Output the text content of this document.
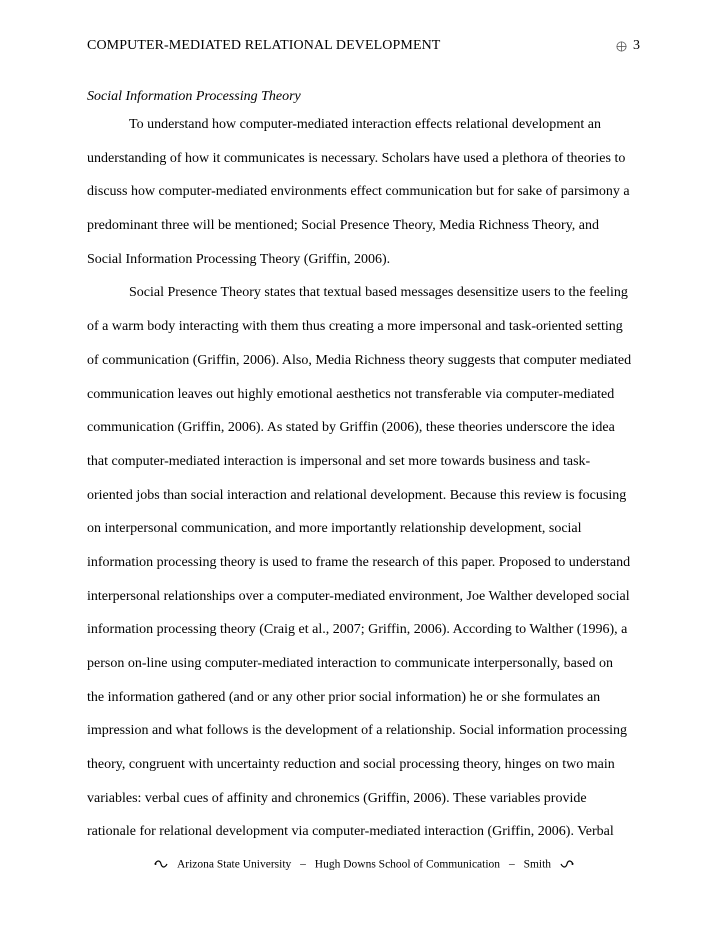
COMPUTER-MEDIATED RELATIONAL DEVELOPMENT	3
Social Information Processing Theory
To understand how computer-mediated interaction effects relational development an
understanding of how it communicates is necessary. Scholars have used a plethora of theories to
discuss how computer-mediated environments effect communication but for sake of parsimony a
predominant three will be mentioned; Social Presence Theory, Media Richness Theory, and
Social Information Processing Theory (Griffin, 2006).
Social Presence Theory states that textual based messages desensitize users to the feeling
of a warm body interacting with them thus creating a more impersonal and task-oriented setting
of communication (Griffin, 2006). Also, Media Richness theory suggests that computer mediated
communication leaves out highly emotional aesthetics not transferable via computer-mediated
communication (Griffin, 2006). As stated by Griffin (2006), these theories underscore the idea
that computer-mediated interaction is impersonal and set more towards business and task-
oriented jobs than social interaction and relational development. Because this review is focusing
on interpersonal communication, and more importantly relationship development, social
information processing theory is used to frame the research of this paper. Proposed to understand
interpersonal relationships over a computer-mediated environment, Joe Walther developed social
information processing theory (Craig et al., 2007; Griffin, 2006). According to Walther (1996), a
person on-line using computer-mediated interaction to communicate interpersonally, based on
the information gathered (and or any other prior social information) he or she formulates an
impression and what follows is the development of a relationship. Social information processing
theory, congruent with uncertainty reduction and social processing theory, hinges on two main
variables: verbal cues of affinity and chronemics (Griffin, 2006). These variables provide
rationale for relational development via computer-mediated interaction (Griffin, 2006). Verbal
Arizona State University – Hugh Downs School of Communication – Smith
